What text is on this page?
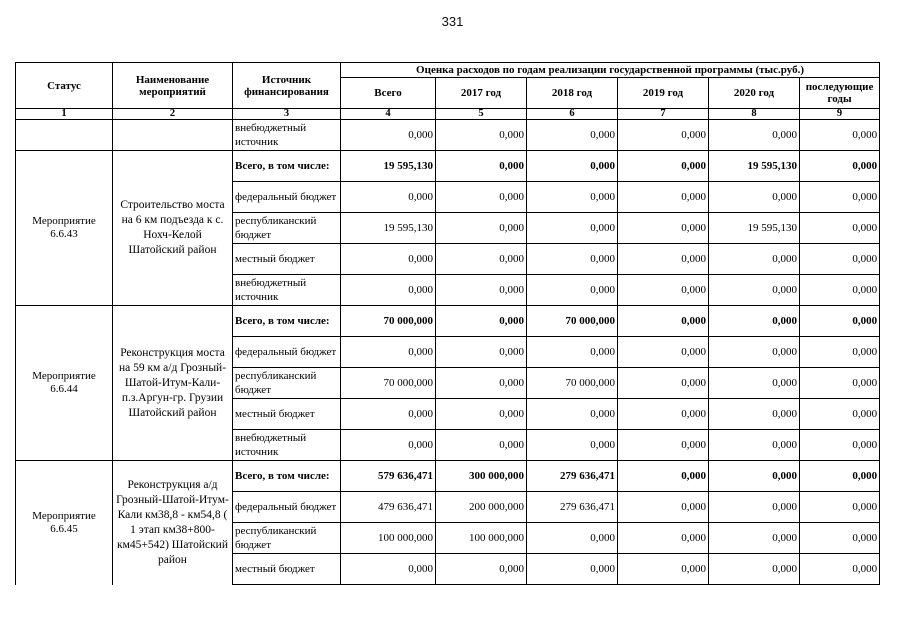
331
Статус	Наименование мероприятий	Источник финансирования	Оценка расходов по годам реализации государственной программы (тыс.руб.)					
			Всего	2017 год	2018 год	2019 год	2020 год	последующие годы
1	2	3	4	5	6	7	8	9
		внебюджетный источник	0,000	0,000	0,000	0,000	0,000	0,000
Мероприятие 6.6.43	Строительство моста на 6 км подъезда к с. Нохч-Келой Шатойский район	Всего, в том числе:	19 595,130	0,000	0,000	0,000	19 595,130	0,000
		федеральный бюджет	0,000	0,000	0,000	0,000	0,000	0,000
		республиканский бюджет	19 595,130	0,000	0,000	0,000	19 595,130	0,000
		местный бюджет	0,000	0,000	0,000	0,000	0,000	0,000
		внебюджетный источник	0,000	0,000	0,000	0,000	0,000	0,000
Мероприятие 6.6.44	Реконструкция моста на 59 км а/д Грозный-Шатой-Итум-Кали-п.з.Аргун-гр. Грузии Шатойский район	Всего, в том числе:	70 000,000	0,000	70 000,000	0,000	0,000	0,000
		федеральный бюджет	0,000	0,000	0,000	0,000	0,000	0,000
		республиканский бюджет	70 000,000	0,000	70 000,000	0,000	0,000	0,000
		местный бюджет	0,000	0,000	0,000	0,000	0,000	0,000
		внебюджетный источник	0,000	0,000	0,000	0,000	0,000	0,000
Мероприятие 6.6.45	Реконструкция а/д Грозный-Шатой-Итум-Кали км38,8 - км54,8 ( 1 этап км38+800-км45+542) Шатойский район	Всего, в том числе:	579 636,471	300 000,000	279 636,471	0,000	0,000	0,000
		федеральный бюджет	479 636,471	200 000,000	279 636,471	0,000	0,000	0,000
		республиканский бюджет	100 000,000	100 000,000	0,000	0,000	0,000	0,000
		местный бюджет	0,000	0,000	0,000	0,000	0,000	0,000
